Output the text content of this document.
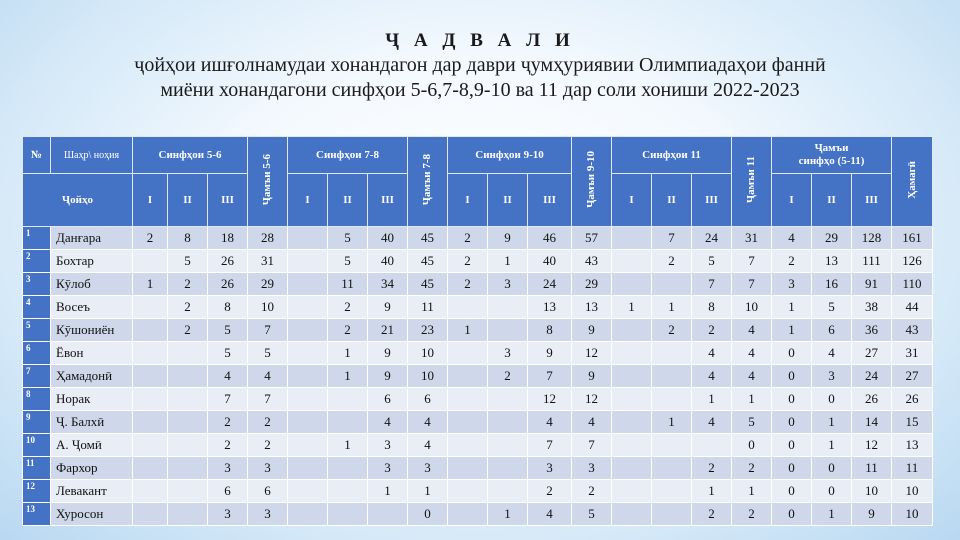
Ҷ А Д В А Л И
ҷойҳои ишғолнамудаи хонандагон дар даври ҷумҳуриявии Олимпиадаҳои фаннӣ
миёни хонандагони синфҳои 5-6,7-8,9-10 ва 11 дар соли хониши 2022-2023
№	Шаҳр\ ноҳия	Синфҳои 5-6			Ҷамъи 5-6	Синфҳои 7-8			Ҷамъи 7-8	Синфҳои 9-10			Ҷамъи 9-10	Синфҳои 11			Ҷамъи 11	Ҷамъи
синфҳо (5-11)			Ҳамагӣ
Ҷойҳо		I	II	III		I	II	III		I	II	III		I	II	III		I	II	III	
1	Данғара	2	8	18	28		5	40	45	2	9	46	57		7	24	31	4	29	128	161
2	Бохтар		5	26	31		5	40	45	2	1	40	43		2	5	7	2	13	111	126
3	Кӯлоб	1	2	26	29		11	34	45	2	3	24	29			7	7	3	16	91	110
4	Восеъ		2	8	10		2	9	11			13	13	1	1	8	10	1	5	38	44
5	Кӯшониён		2	5	7		2	21	23	1		8	9		2	2	4	1	6	36	43
6	Ёвон			5	5		1	9	10		3	9	12			4	4	0	4	27	31
7	Ҳамадонӣ			4	4		1	9	10		2	7	9			4	4	0	3	24	27
8	Норак			7	7			6	6			12	12			1	1	0	0	26	26
9	Ҷ. Балхӣ			2	2			4	4			4	4		1	4	5	0	1	14	15
10	А. Ҷомӣ			2	2		1	3	4			7	7				0	0	1	12	13
11	Фархор			3	3			3	3			3	3			2	2	0	0	11	11
12	Левакант			6	6			1	1			2	2			1	1	0	0	10	10
13	Хуросон			3	3				0		1	4	5			2	2	0	1	9	10
